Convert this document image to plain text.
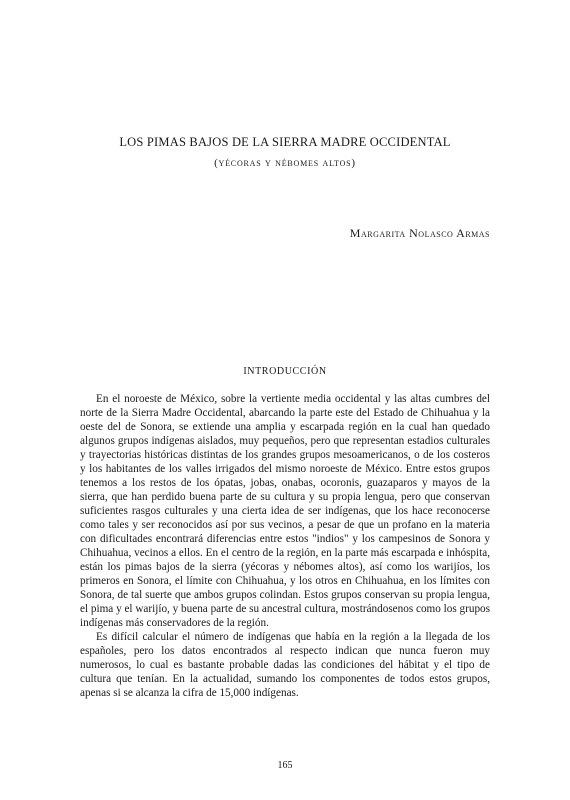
LOS PIMAS BAJOS DE LA SIERRA MADRE OCCIDENTAL
(yécoras y nébomes altos)
Margarita Nolasco Armas
INTRODUCCIÓN

En el noroeste de México, sobre la vertiente media occidental y las altas cumbres del norte de la Sierra Madre Occidental, abarcando la parte este del Estado de Chihuahua y la oeste del de Sonora, se extiende una amplia y escarpada región en la cual han quedado algunos grupos indígenas aislados, muy pequeños, pero que representan estadios culturales y trayectorias históricas distintas de los grandes grupos mesoamericanos, o de los costeros y los habitantes de los valles irrigados del mismo noroeste de México. Entre estos grupos tenemos a los restos de los ópatas, jobas, onabas, ocoronis, guazaparos y mayos de la sierra, que han perdido buena parte de su cultura y su propia lengua, pero que conservan suficientes rasgos culturales y una cierta idea de ser indígenas, que los hace reconocerse como tales y ser reconocidos así por sus vecinos, a pesar de que un profano en la materia con dificultades encontrará diferencias entre estos "indios" y los campesinos de Sonora y Chihuahua, vecinos a ellos. En el centro de la región, en la parte más escarpada e inhóspita, están los pimas bajos de la sierra (yécoras y nébomes altos), así como los warijíos, los primeros en Sonora, el límite con Chihuahua, y los otros en Chihuahua, en los límites con Sonora, de tal suerte que ambos grupos colindan. Estos grupos conservan su propia lengua, el pima y el warijío, y buena parte de su ancestral cultura, mostrándosenos como los grupos indígenas más conservadores de la región.

Es difícil calcular el número de indígenas que había en la región a la llegada de los españoles, pero los datos encontrados al respecto indican que nunca fueron muy numerosos, lo cual es bastante probable dadas las condiciones del hábitat y el tipo de cultura que tenían. En la actualidad, sumando los componentes de todos estos grupos, apenas si se alcanza la cifra de 15,000 indígenas.

165
